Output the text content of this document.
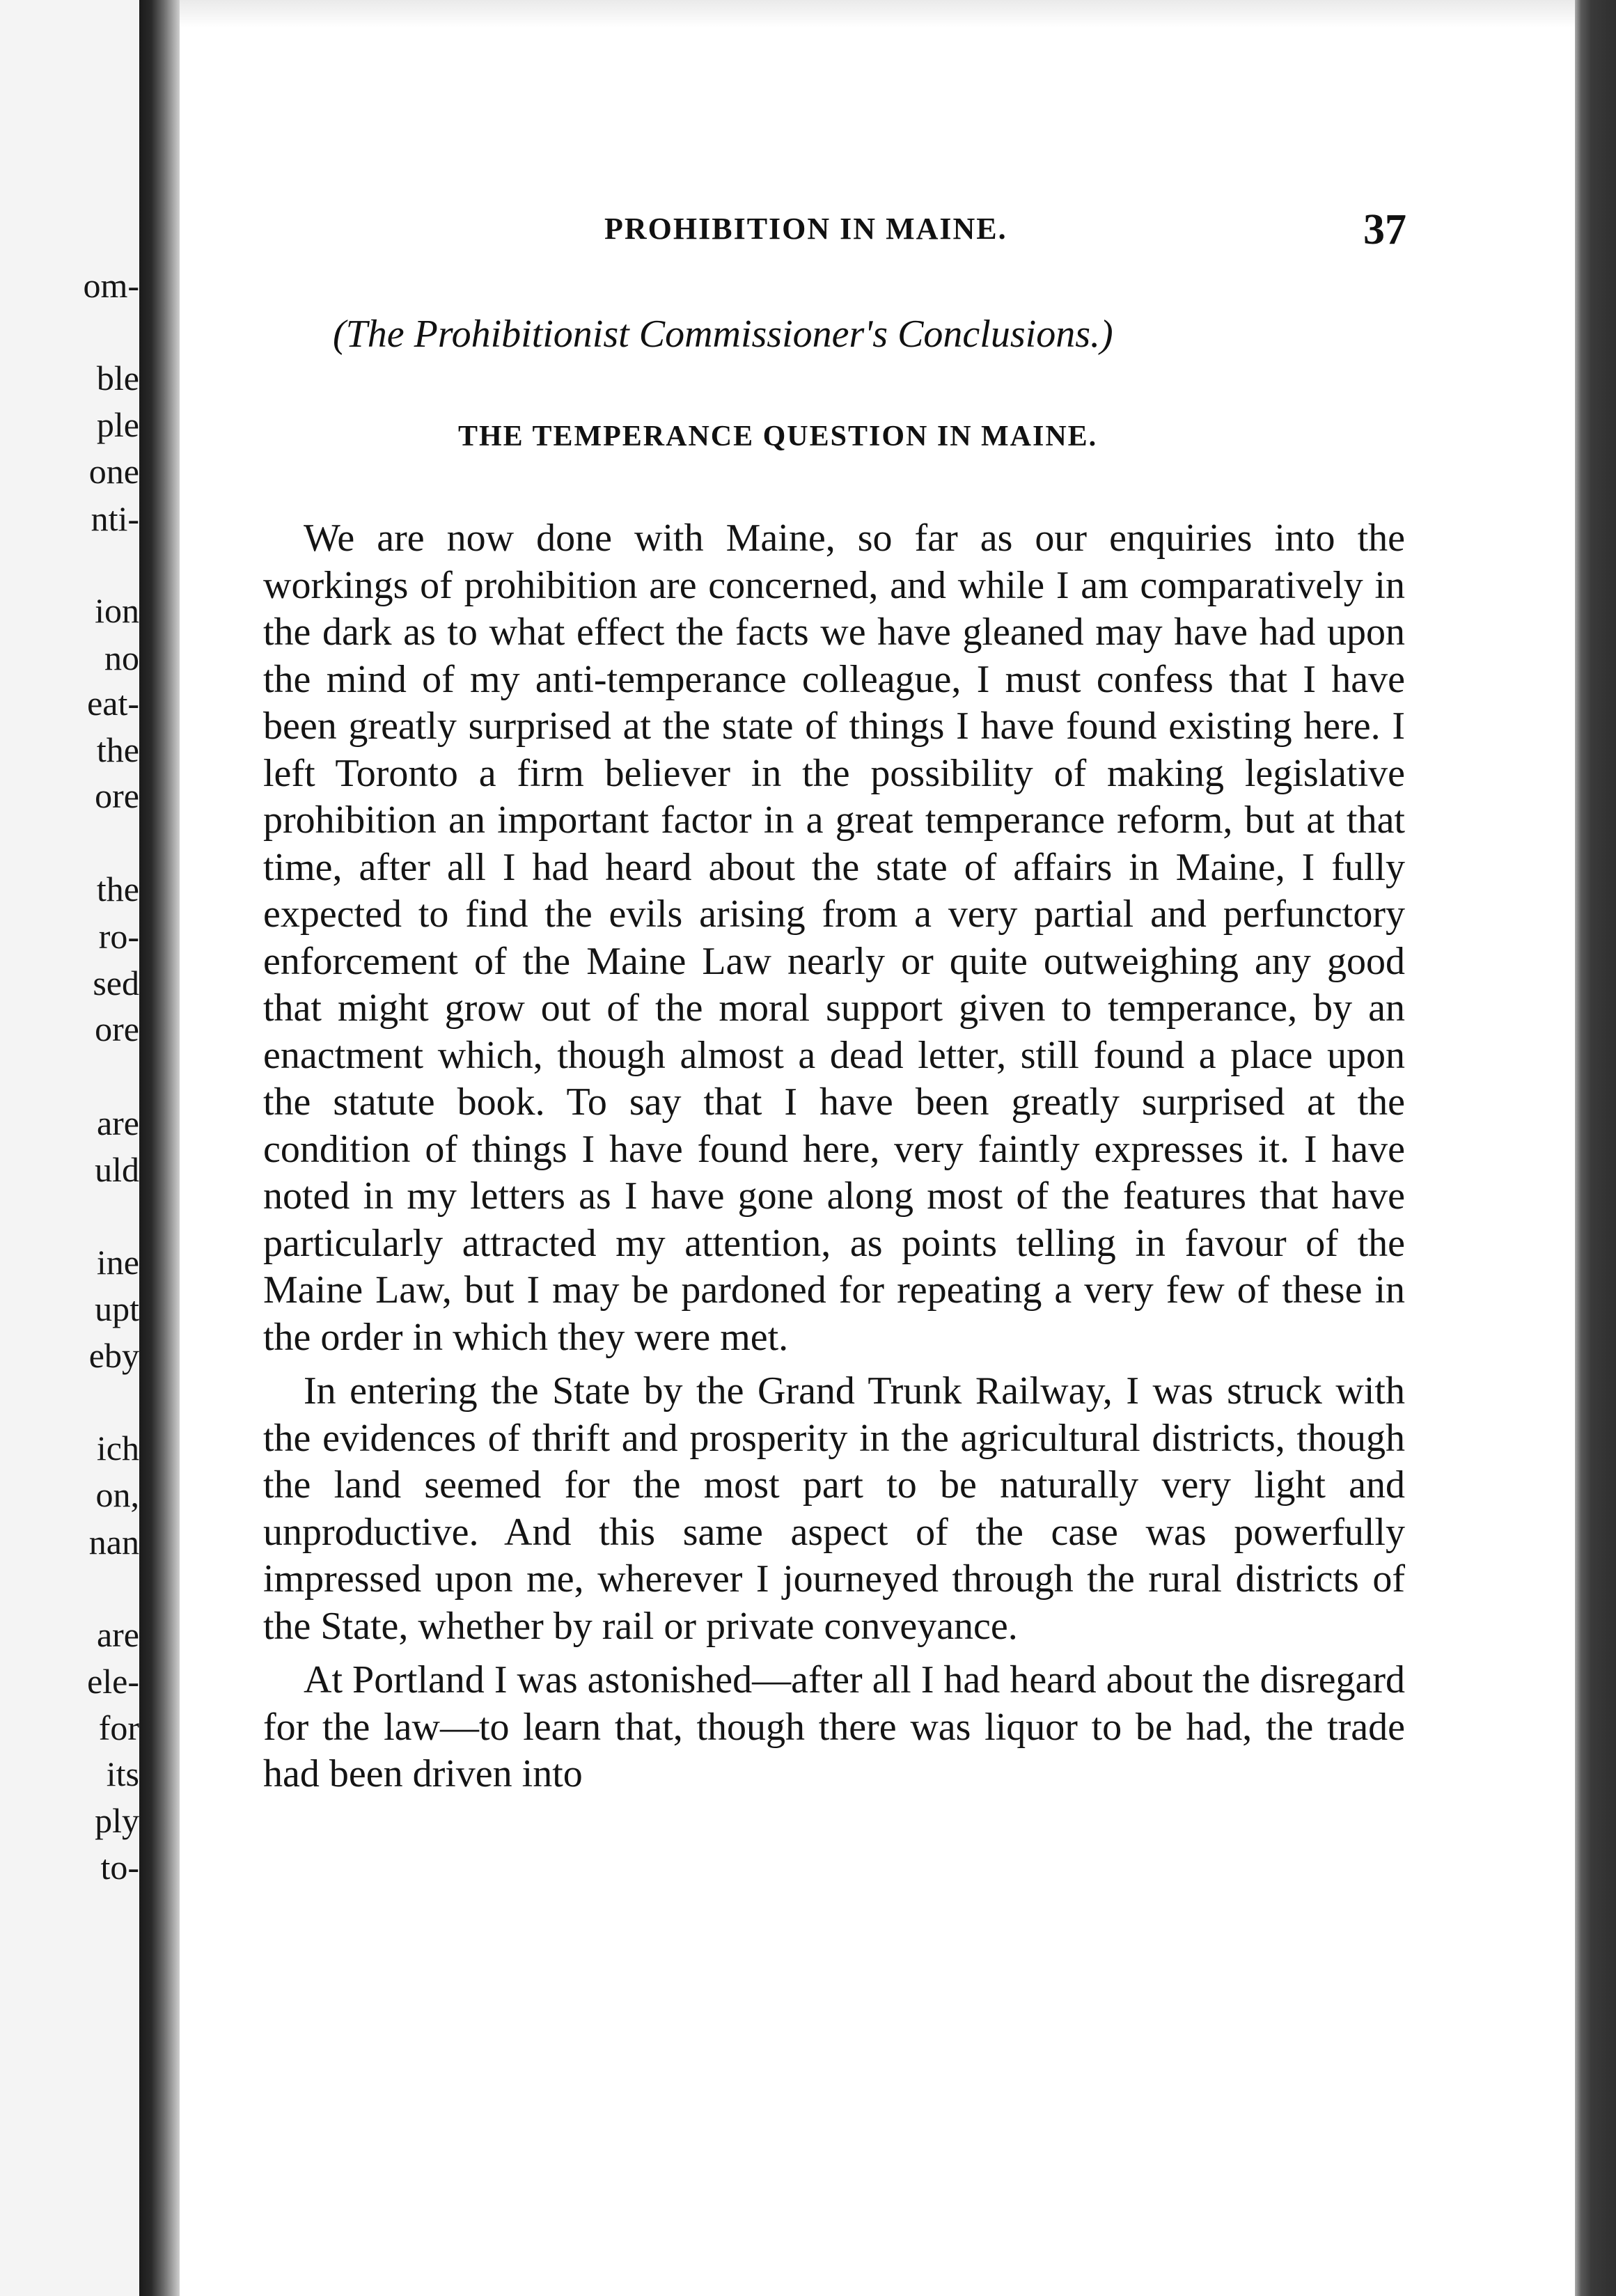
om-
ble
ple
one
nti-
ion
no
eat-
the
ore
the
ro-
sed
ore
are
uld
ine
upt
eby
ich
on,
nan
are
ele-
for
its
ply
to-
PROHIBITION IN MAINE.	37
(The Prohibitionist Commissioner's Conclusions.)
THE TEMPERANCE QUESTION IN MAINE.

We are now done with Maine, so far as our enquiries into the workings of prohibition are concerned, and while I am comparatively in the dark as to what effect the facts we have gleaned may have had upon the mind of my anti-temperance colleague, I must confess that I have been greatly surprised at the state of things I have found existing here. I left Toronto a firm believer in the possibility of making legislative prohibition an important factor in a great temperance reform, but at that time, after all I had heard about the state of affairs in Maine, I fully expected to find the evils arising from a very partial and perfunctory enforcement of the Maine Law nearly or quite outweighing any good that might grow out of the moral support given to temperance, by an enactment which, though almost a dead letter, still found a place upon the statute book. To say that I have been greatly surprised at the condition of things I have found here, very faintly expresses it. I have noted in my letters as I have gone along most of the features that have particularly attracted my attention, as points telling in favour of the Maine Law, but I may be pardoned for repeating a very few of these in the order in which they were met.

In entering the State by the Grand Trunk Railway, I was struck with the evidences of thrift and prosperity in the agricultural districts, though the land seemed for the most part to be naturally very light and unproductive. And this same aspect of the case was powerfully impressed upon me, wherever I journeyed through the rural districts of the State, whether by rail or private conveyance.

At Portland I was astonished—after all I had heard about the disregard for the law—to learn that, though there was liquor to be had, the trade had been driven into
